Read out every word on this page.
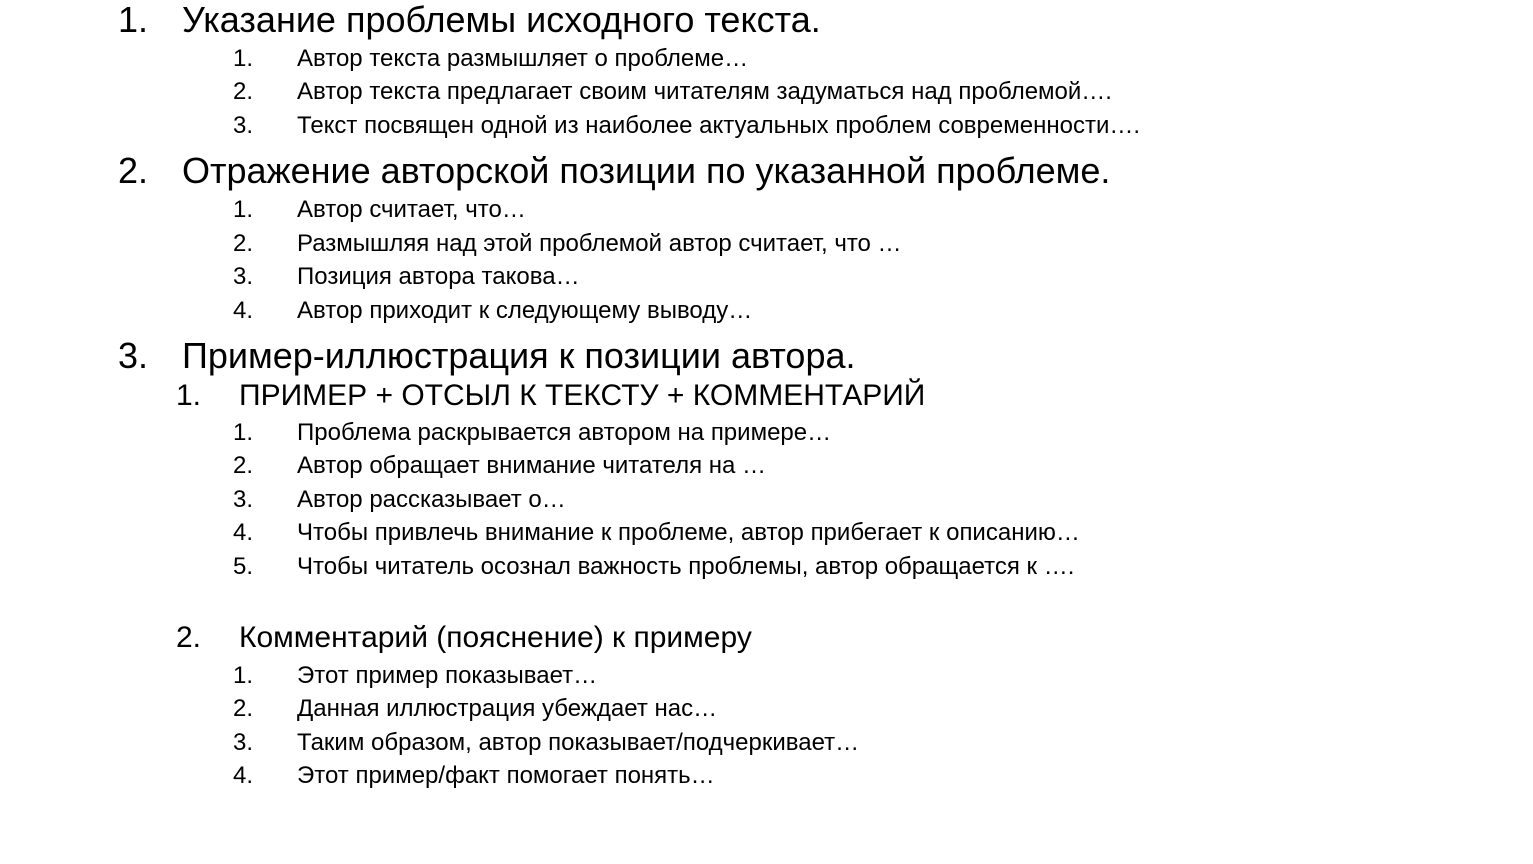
1. Указание проблемы исходного текста.
1. Автор текста размышляет о проблеме…
2. Автор текста предлагает своим читателям задуматься над проблемой….
3. Текст посвящен одной из наиболее актуальных проблем современности….
2. Отражение авторской позиции по указанной проблеме.
1. Автор считает, что…
2. Размышляя над этой проблемой автор считает, что …
3. Позиция автора такова…
4. Автор приходит к следующему выводу…
3. Пример-иллюстрация к позиции автора.
1. ПРИМЕР + ОТСЫЛ К ТЕКСТУ + КОММЕНТАРИЙ
1. Проблема раскрывается автором на примере…
2. Автор обращает внимание читателя на …
3. Автор рассказывает о…
4. Чтобы привлечь внимание к проблеме, автор прибегает к описанию…
5. Чтобы читатель осознал важность проблемы, автор обращается к ….
2. Комментарий (пояснение) к примеру
1. Этот пример показывает…
2. Данная иллюстрация убеждает нас…
3. Таким образом, автор показывает/подчеркивает…
4. Этот пример/факт помогает понять…
